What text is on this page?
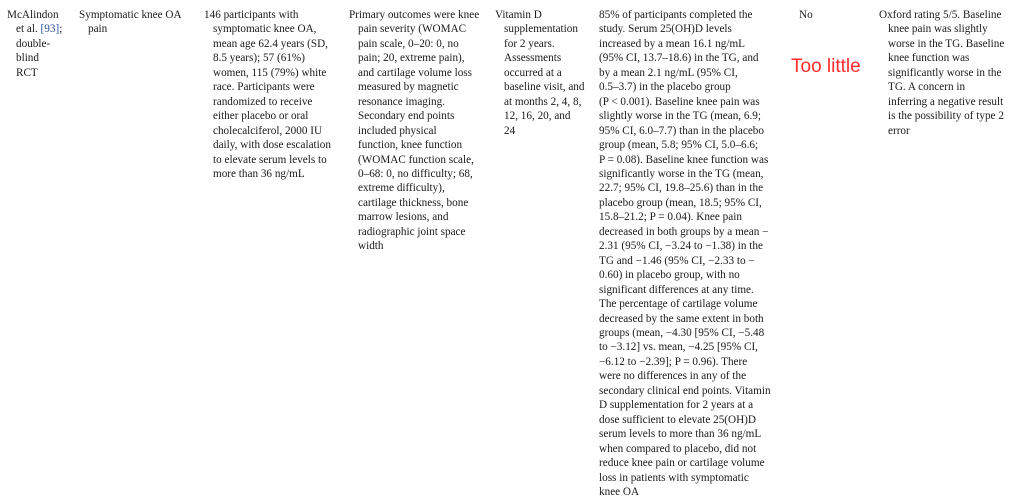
McAlindon
et al. [93];
double-
blind
RCT
Symptomatic knee OA
pain
146 participants with
symptomatic knee OA,
mean age 62.4 years (SD,
8.5 years); 57 (61%)
women, 115 (79%) white
race. Participants were
randomized to receive
either placebo or oral
cholecalciferol, 2000 IU
daily, with dose escalation
to elevate serum levels to
more than 36 ng/mL
Primary outcomes were knee
pain severity (WOMAC
pain scale, 0–20: 0, no
pain; 20, extreme pain),
and cartilage volume loss
measured by magnetic
resonance imaging.
Secondary end points
included physical
function, knee function
(WOMAC function scale,
0–68: 0, no difficulty; 68,
extreme difficulty),
cartilage thickness, bone
marrow lesions, and
radiographic joint space
width
Vitamin D
supplementation
for 2 years.
Assessments
occurred at a
baseline visit, and
at months 2, 4, 8,
12, 16, 20, and
24
85% of participants completed the
study. Serum 25(OH)D levels
increased by a mean 16.1 ng/mL
(95% CI, 13.7–18.6) in the TG, and
by a mean 2.1 ng/mL (95% CI,
0.5–3.7) in the placebo group
(P < 0.001). Baseline knee pain was
slightly worse in the TG (mean, 6.9;
95% CI, 6.0–7.7) than in the placebo
group (mean, 5.8; 95% CI, 5.0–6.6;
P = 0.08). Baseline knee function was
significantly worse in the TG (mean,
22.7; 95% CI, 19.8–25.6) than in the
placebo group (mean, 18.5; 95% CI,
15.8–21.2; P = 0.04). Knee pain
decreased in both groups by a mean −
2.31 (95% CI, −3.24 to −1.38) in the
TG and −1.46 (95% CI, −2.33 to −
0.60) in placebo group, with no
significant differences at any time.
The percentage of cartilage volume
decreased by the same extent in both
groups (mean, −4.30 [95% CI, −5.48
to −3.12] vs. mean, −4.25 [95% CI,
−6.12 to −2.39]; P = 0.96). There
were no differences in any of the
secondary clinical end points. Vitamin
D supplementation for 2 years at a
dose sufficient to elevate 25(OH)D
serum levels to more than 36 ng/mL
when compared to placebo, did not
reduce knee pain or cartilage volume
loss in patients with symptomatic
knee OA
No	Oxford rating 5/5. Baseline
knee pain was slightly
worse in the TG. Baseline
knee function was
significantly worse in the
TG. A concern in
inferring a negative result
is the possibility of type 2
error
Too little
